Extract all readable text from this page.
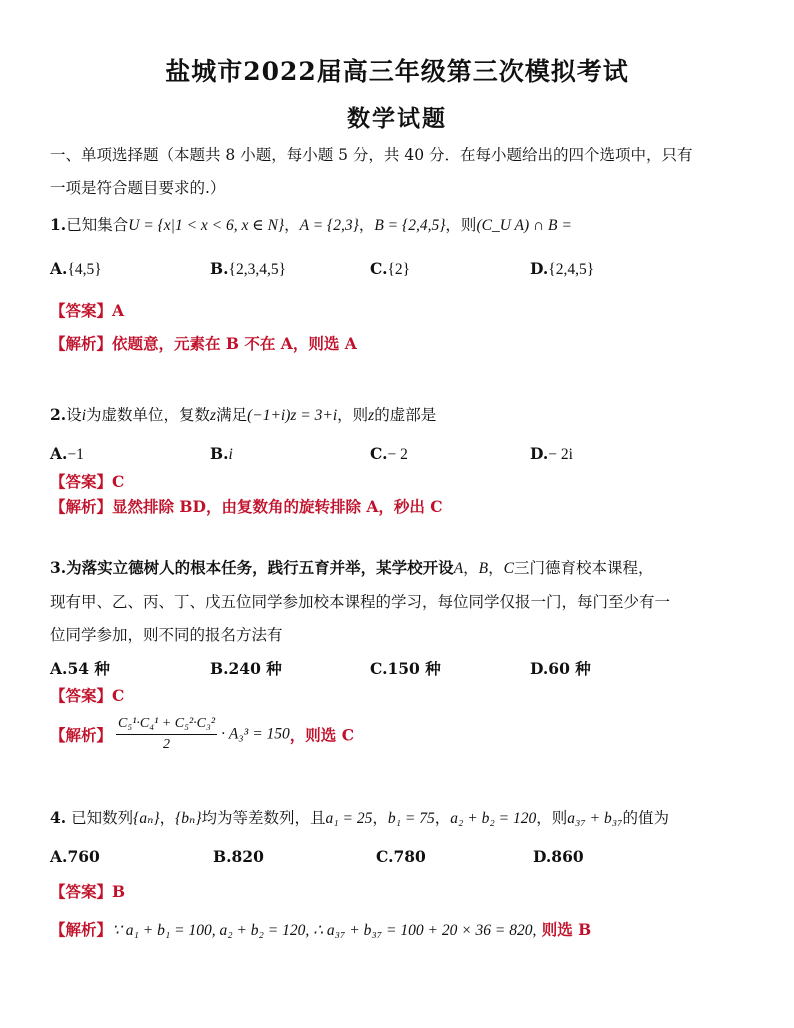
盐城市2022届高三年级第三次模拟考试
数学试题
一、单项选择题（本题共 8 小题，每小题 5 分，共 40 分．在每小题给出的四个选项中，只有
一项是符合题目要求的.）
1.已知集合U = {x|1 < x < 6, x ∈ N}，A = {2,3}，B = {2,4,5}，则(C_U A) ∩ B =
A.{4,5}	B.{2,3,4,5}	C.{2}	D.{2,4,5}
【答案】A
【解析】依题意，元素在 B 不在 A，则选 A
2.设i为虚数单位，复数z满足(−1+i)z = 3+i，则z的虚部是
A.−1	B.i	C.− 2	D.− 2i
【答案】C
【解析】显然排除 BD，由复数角的旋转排除 A，秒出 C
3.为落实立德树人的根本任务，践行五育并举，某学校开设A，B，C三门德育校本课程，
现有甲、乙、丙、丁、戊五位同学参加校本课程的学习，每位同学仅报一门，每门至少有一
位同学参加，则不同的报名方法有
A.54 种	B.240 种	C.150 种	D.60 种
【答案】C
【解析】 $\frac{\text{C₅¹·C₄¹ + C₅²·C₃²}}{2} \cdot A_3^3 = 150$，则选 C
4. 已知数列{aₙ}，{bₙ}均为等差数列，且a₁ = 25，b₁ = 75，a₂ + b₂ = 120，则a₃₇ + b₃₇的值为
A.760	B.820	C.780	D.860
【答案】B
【解析】∵ a₁ + b₁ = 100, a₂ + b₂ = 120, ∴ a₃₇ + b₃₇ = 100 + 20 × 36 = 820, 则选 B
